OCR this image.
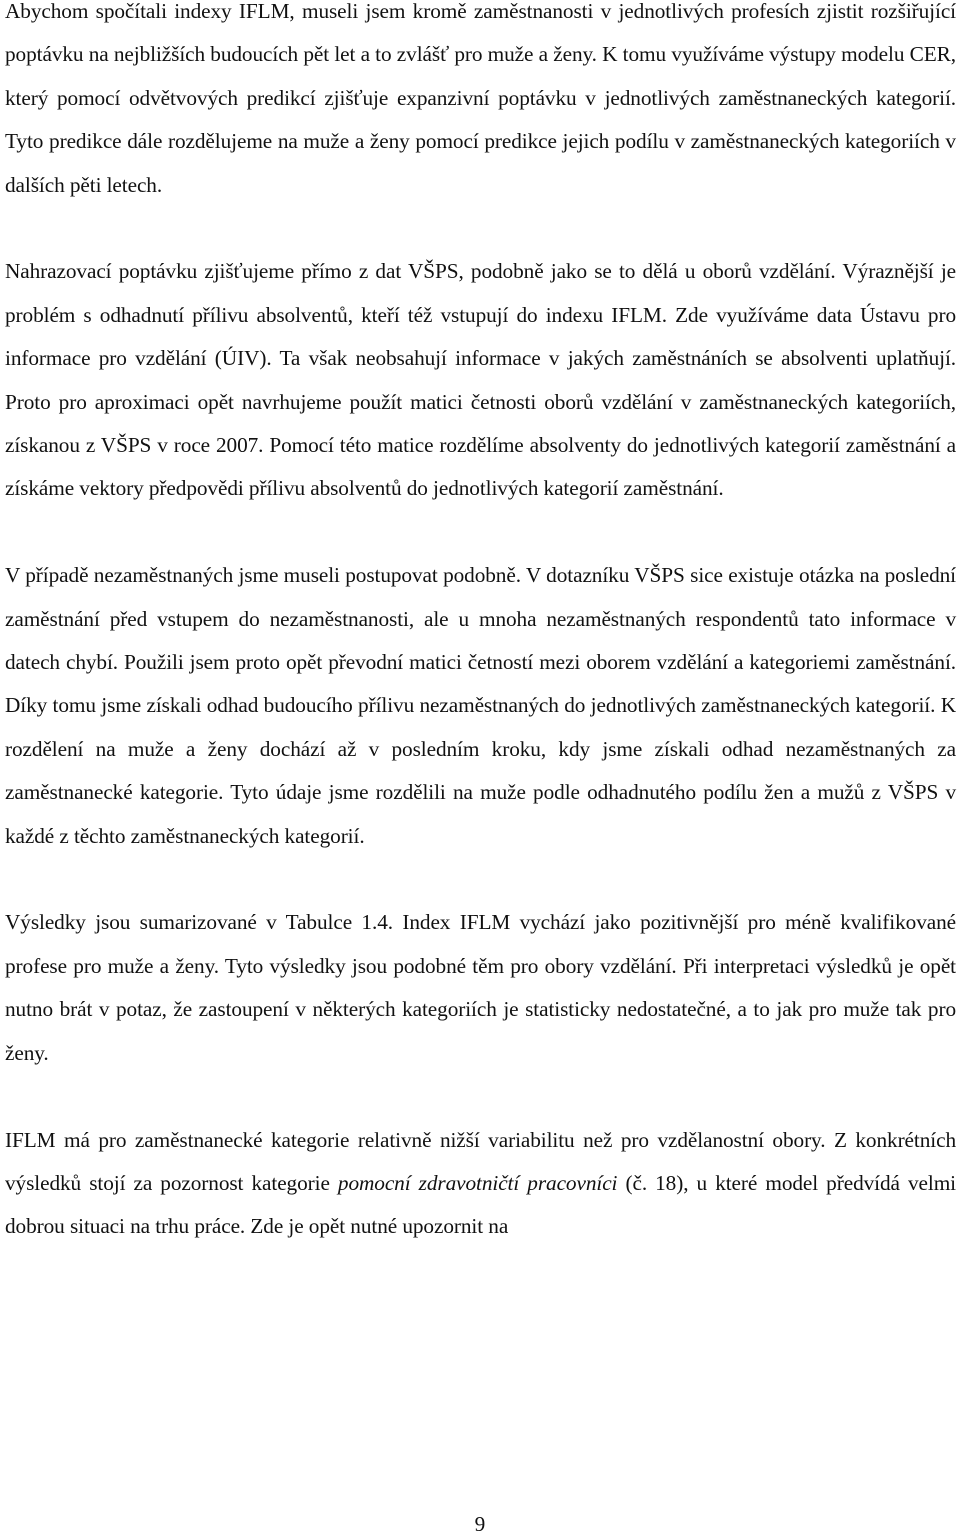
Abychom spočítali indexy IFLM, museli jsem kromě zaměstnanosti v jednotlivých profesích zjistit rozšiřující poptávku na nejbližších budoucích pět let a to zvlášť pro muže a ženy. K tomu využíváme výstupy modelu CER, který pomocí odvětvových predikcí zjišťuje expanzivní poptávku v jednotlivých zaměstnaneckých kategorií. Tyto predikce dále rozdělujeme na muže a ženy pomocí predikce jejich podílu v zaměstnaneckých kategoriích v dalších pěti letech.

Nahrazovací poptávku zjišťujeme přímo z dat VŠPS, podobně jako se to dělá u oborů vzdělání. Výraznější je problém s odhadnutí přílivu absolventů, kteří též vstupují do indexu IFLM. Zde využíváme data Ústavu pro informace pro vzdělání (ÚIV). Ta však neobsahují informace v jakých zaměstnáních se absolventi uplatňují. Proto pro aproximaci opět navrhujeme použít matici četnosti oborů vzdělání v zaměstnaneckých kategoriích, získanou z VŠPS v roce 2007. Pomocí této matice rozdělíme absolventy do jednotlivých kategorií zaměstnání a získáme vektory předpovědi přílivu absolventů do jednotlivých kategorií zaměstnání.

V případě nezaměstnaných jsme museli postupovat podobně. V dotazníku VŠPS sice existuje otázka na poslední zaměstnání před vstupem do nezaměstnanosti, ale u mnoha nezaměstnaných respondentů tato informace v datech chybí. Použili jsem proto opět převodní matici četností mezi oborem vzdělání a kategoriemi zaměstnání. Díky tomu jsme získali odhad budoucího přílivu nezaměstnaných do jednotlivých zaměstnaneckých kategorií. K rozdělení na muže a ženy dochází až v posledním kroku, kdy jsme získali odhad nezaměstnaných za zaměstnanecké kategorie. Tyto údaje jsme rozdělili na muže podle odhadnutého podílu žen a mužů z VŠPS v každé z těchto zaměstnaneckých kategorií.

Výsledky jsou sumarizované v Tabulce 1.4. Index IFLM vychází jako pozitivnější pro méně kvalifikované profese pro muže a ženy. Tyto výsledky jsou podobné těm pro obory vzdělání. Při interpretaci výsledků je opět nutno brát v potaz, že zastoupení v některých kategoriích je statisticky nedostatečné, a to jak pro muže tak pro ženy.

IFLM má pro zaměstnanecké kategorie relativně nižší variabilitu než pro vzdělanostní obory. Z konkrétních výsledků stojí za pozornost kategorie pomocní zdravotničtí pracovníci (č. 18), u které model předvídá velmi dobrou situaci na trhu práce. Zde je opět nutné upozornit na

9
